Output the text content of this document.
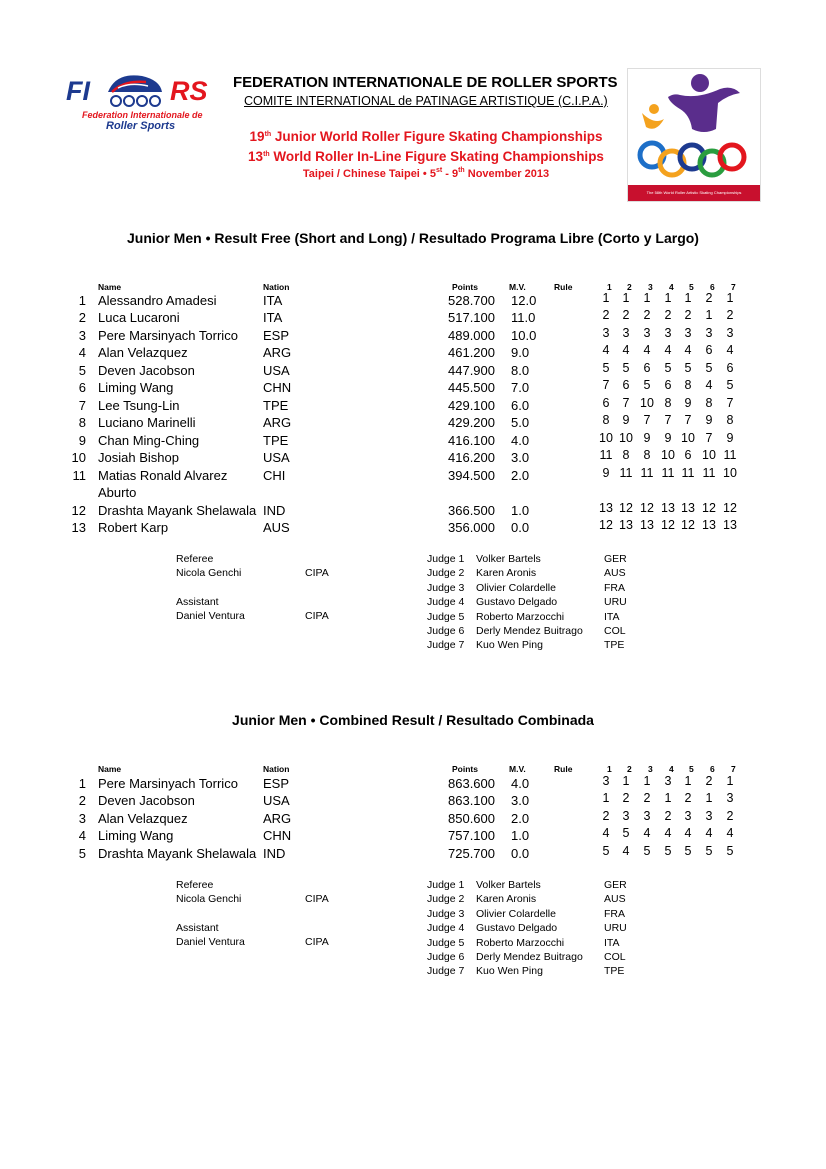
FI	RS
Federation Internationale de
Roller Sports
FEDERATION INTERNATIONALE DE ROLLER SPORTS
COMITE INTERNATIONAL de PATINAGE ARTISTIQUE (C.I.P.A.)
19th Junior World Roller Figure Skating Championships
13th World Roller In-Line Figure Skating Championships
Taipei / Chinese Taipei • 5st - 9th November 2013
The 58th World Roller Artistic Skating Championships
Junior Men • Result Free (Short and Long) / Resultado Programa Libre (Corto y Largo)
Name	Nation	Points	M.V.	Rule	1 2 3 4 5 6 7
1 Alessandro Amadesi	ITA	528.700 12.0	1	1	1	1	1	2	1
2 Luca Lucaroni	ITA	517.100 11.0	2	2	2	2	2	1	2
3 Pere Marsinyach Torrico ESP	489.000 10.0	3	3	3	3	3	3	3
4 Alan Velazquez	ARG	461.200 9.0	4	4	4	4	4	6	4
5 Deven Jacobson	USA	447.900 8.0	5	5	6	5	5	5	6
6 Liming Wang	CHN	445.500 7.0	7	6	5	6	8	4	5
7 Lee Tsung-Lin	TPE	429.100 6.0	6	7 10 8	9	8	7
8 Luciano Marinelli	ARG	429.200 5.0	8	9	7	7	7	9	8
9 Chan Ming-Ching	TPE	416.100 4.0	10 10 9	9 10 7	9
10 Josiah Bishop	USA	416.200 3.0	11 8	8 10 6 10 11
11 Matias Ronald Alvarez
Aburto
CHI	394.500 2.0	9 11 11 11 11 11 10
12 Drashta Mayank Shelawala IND	366.500 1.0	13 12 12 13 13 12 12
13 Robert Karp	AUS	356.000 0.0	12 13 13 12 12 13 13
Referee
Nicola Genchi	CIPA
Assistant
Daniel Ventura	CIPA
Judge 1 Volker Bartels	GER
Judge 2 Karen Aronis	AUS
Judge 3 Olivier Colardelle	FRA
Judge 4 Gustavo Delgado	URU
Judge 5 Roberto Marzocchi	ITA
Judge 6 Derly Mendez Buitrago COL
Judge 7 Kuo Wen Ping	TPE
Junior Men • Combined Result / Resultado Combinada
Name	Nation	Points	M.V.	Rule	1 2 3 4 5 6 7
1 Pere Marsinyach Torrico ESP	863.600 4.0	3	1	1	3	1	2	1
2 Deven Jacobson	USA	863.100 3.0	1	2	2	1	2	1	3
3 Alan Velazquez	ARG	850.600 2.0	2	3	3	2	3	3	2
4 Liming Wang	CHN	757.100 1.0	4	5	4	4	4	4	4
5 Drashta Mayank Shelawala IND	725.700 0.0	5	4	5	5	5	5	5
Referee
Nicola Genchi	CIPA
Assistant
Daniel Ventura	CIPA
Judge 1 Volker Bartels	GER
Judge 2 Karen Aronis	AUS
Judge 3 Olivier Colardelle	FRA
Judge 4 Gustavo Delgado	URU
Judge 5 Roberto Marzocchi	ITA
Judge 6 Derly Mendez Buitrago COL
Judge 7 Kuo Wen Ping	TPE
